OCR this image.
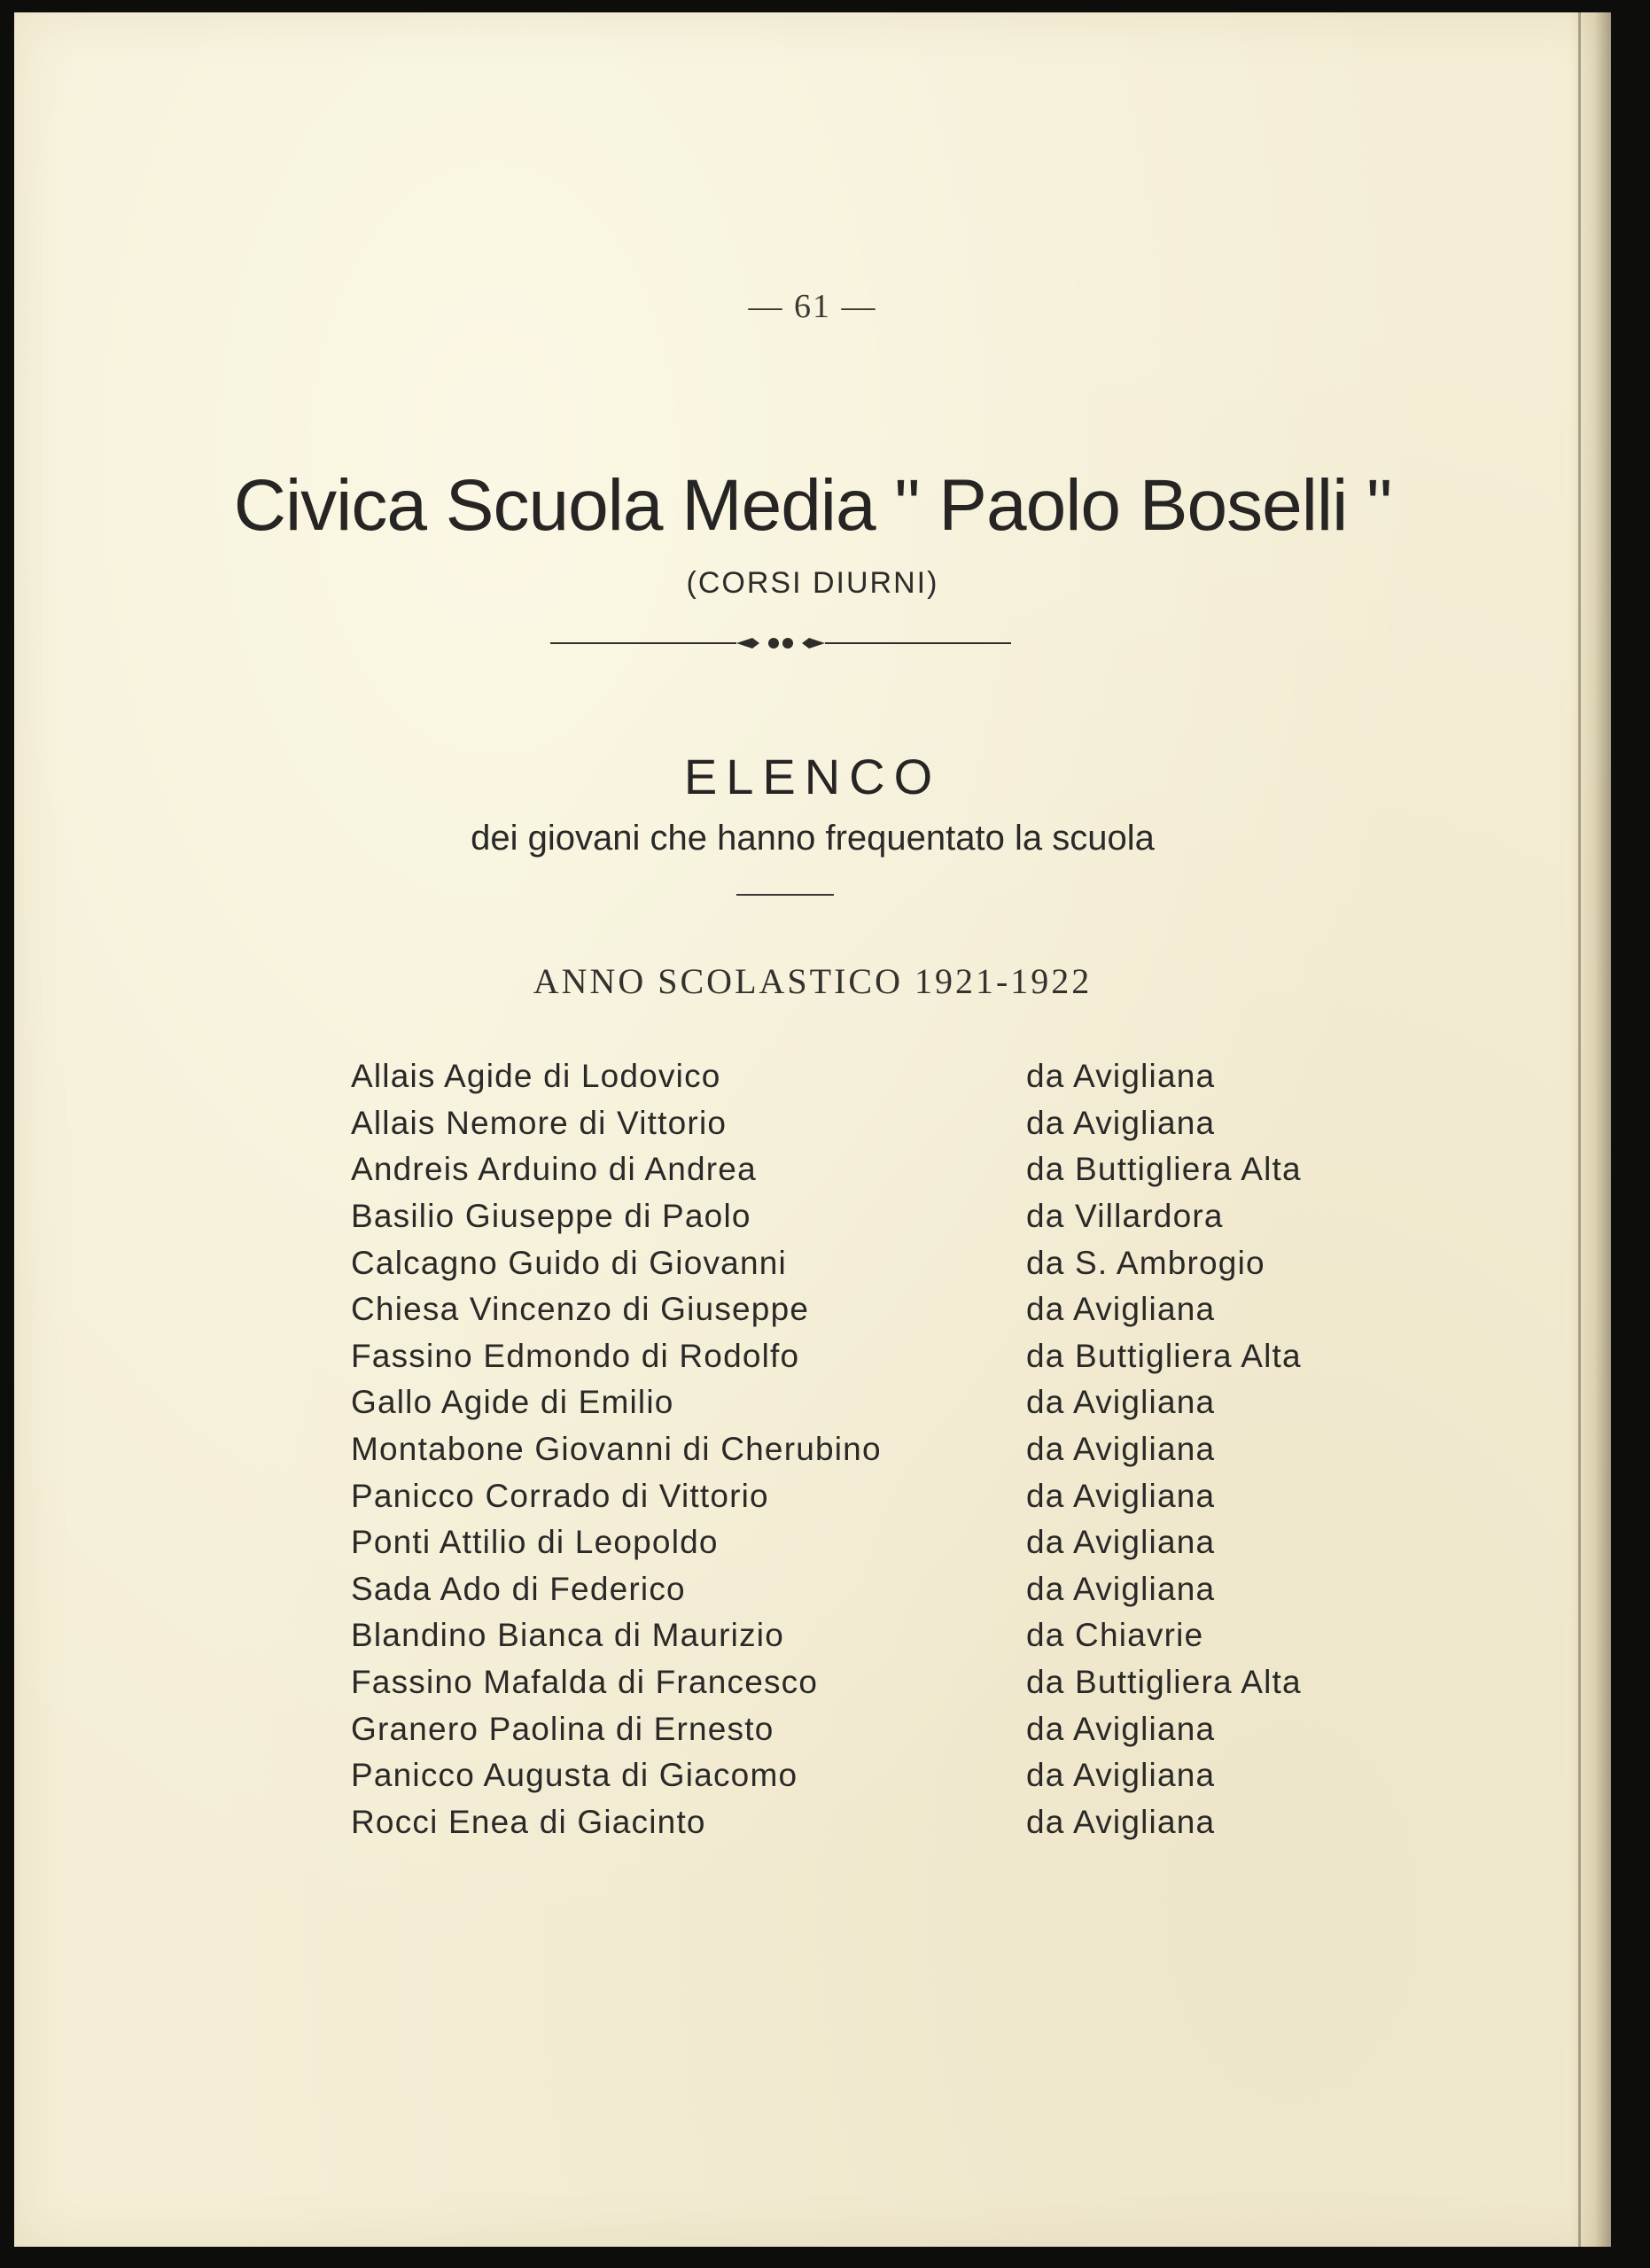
— 61 —
Civica Scuola Media " Paolo Boselli "
(CORSI DIURNI)
ELENCO
dei giovani che hanno frequentato la scuola
ANNO SCOLASTICO 1921-1922
Allais Agide di Lodovico	da Avigliana
Allais Nemore di Vittorio	da Avigliana
Andreis Arduino di Andrea	da Buttigliera Alta
Basilio Giuseppe di Paolo	da Villardora
Calcagno Guido di Giovanni	da S. Ambrogio
Chiesa Vincenzo di Giuseppe	da Avigliana
Fassino Edmondo di Rodolfo	da Buttigliera Alta
Gallo Agide di Emilio	da Avigliana
Montabone Giovanni di Cherubino	da Avigliana
Panicco Corrado di Vittorio	da Avigliana
Ponti Attilio di Leopoldo	da Avigliana
Sada Ado di Federico	da Avigliana
Blandino Bianca di Maurizio	da Chiavrie
Fassino Mafalda di Francesco	da Buttigliera Alta
Granero Paolina di Ernesto	da Avigliana
Panicco Augusta di Giacomo	da Avigliana
Rocci Enea di Giacinto	da Avigliana
